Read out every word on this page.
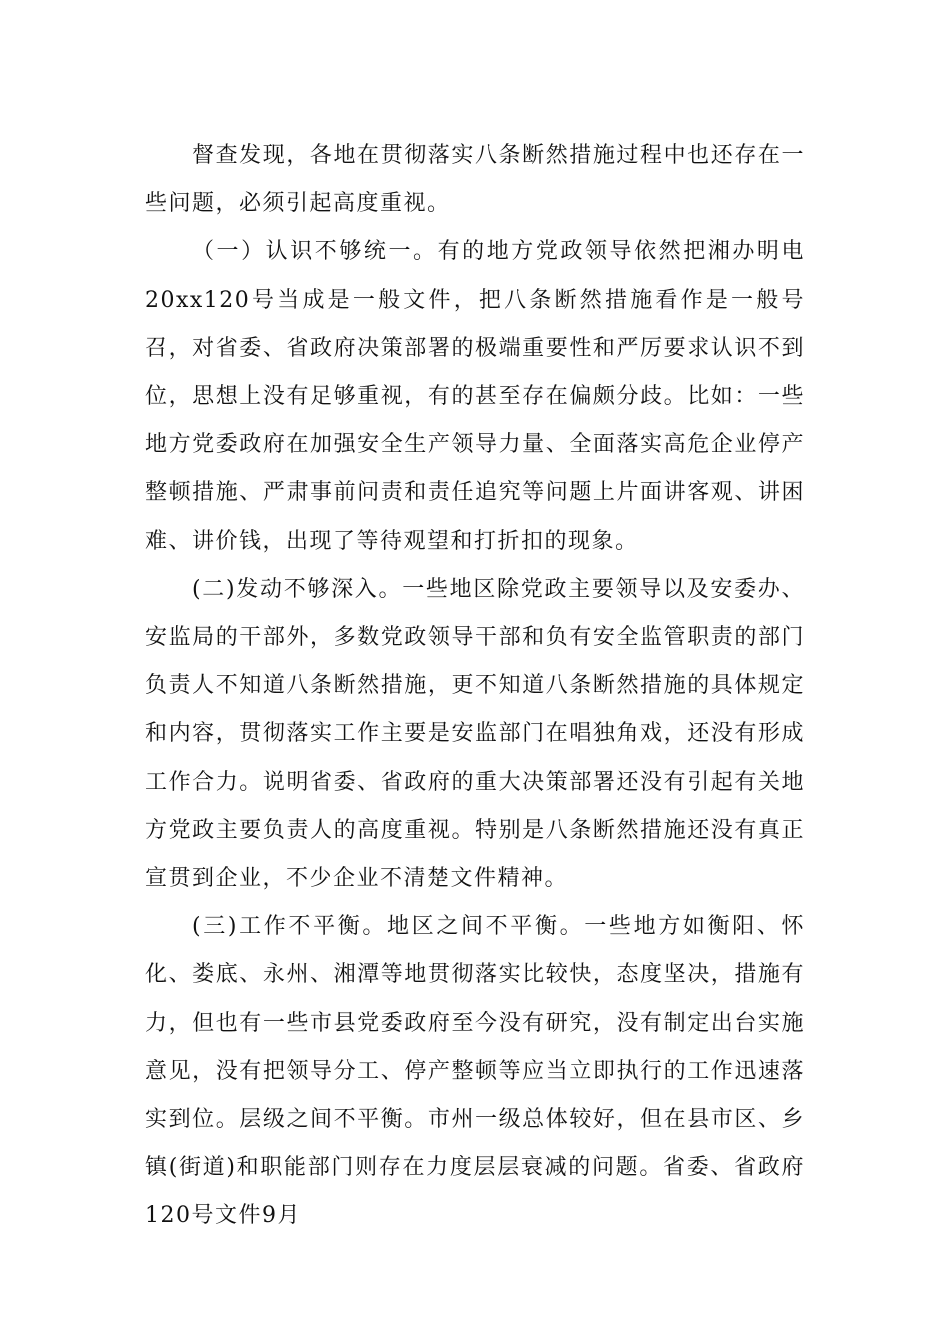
督查发现，各地在贯彻落实八条断然措施过程中也还存在一些问题，必须引起高度重视。

（一）认识不够统一。有的地方党政领导依然把湘办明电20xx120号当成是一般文件，把八条断然措施看作是一般号召，对省委、省政府决策部署的极端重要性和严厉要求认识不到位，思想上没有足够重视，有的甚至存在偏颇分歧。比如：一些地方党委政府在加强安全生产领导力量、全面落实高危企业停产整顿措施、严肃事前问责和责任追究等问题上片面讲客观、讲困难、讲价钱，出现了等待观望和打折扣的现象。

(二)发动不够深入。一些地区除党政主要领导以及安委办、安监局的干部外，多数党政领导干部和负有安全监管职责的部门负责人不知道八条断然措施，更不知道八条断然措施的具体规定和内容，贯彻落实工作主要是安监部门在唱独角戏，还没有形成工作合力。说明省委、省政府的重大决策部署还没有引起有关地方党政主要负责人的高度重视。特别是八条断然措施还没有真正宣贯到企业，不少企业不清楚文件精神。

(三)工作不平衡。地区之间不平衡。一些地方如衡阳、怀化、娄底、永州、湘潭等地贯彻落实比较快，态度坚决，措施有力，但也有一些市县党委政府至今没有研究，没有制定出台实施意见，没有把领导分工、停产整顿等应当立即执行的工作迅速落实到位。层级之间不平衡。市州一级总体较好，但在县市区、乡镇(街道)和职能部门则存在力度层层衰减的问题。省委、省政府120号文件9月
